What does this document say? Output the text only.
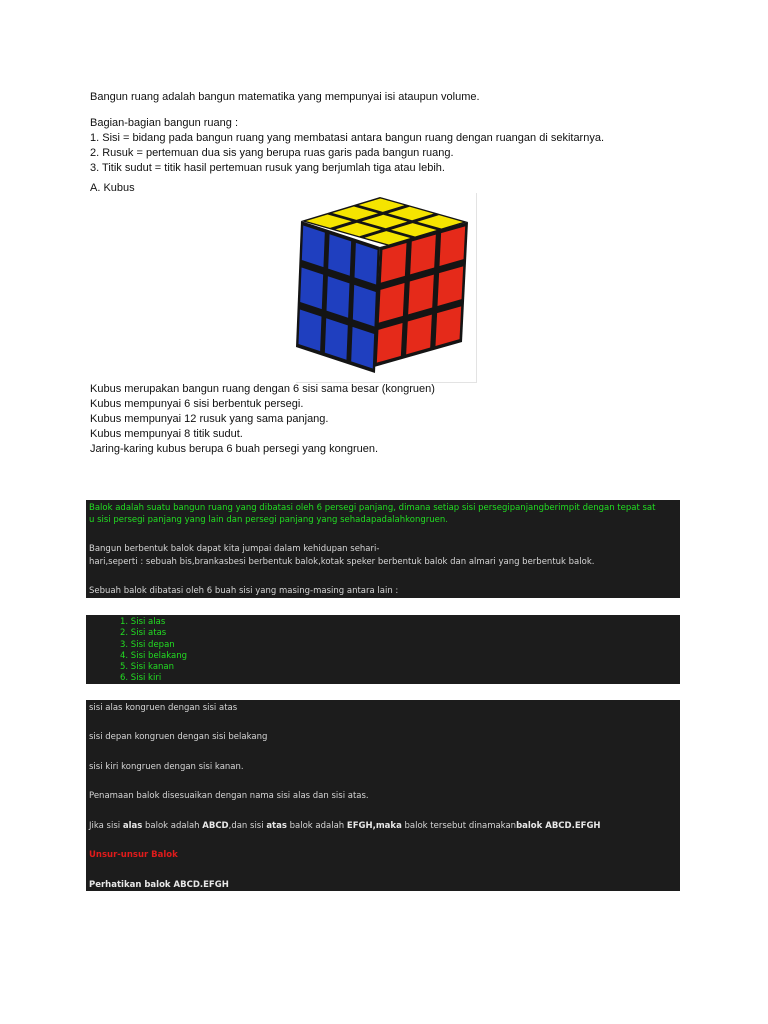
Bangun ruang adalah bangun matematika yang mempunyai isi ataupun volume.

Bagian-bagian bangun ruang :
1. Sisi = bidang pada bangun ruang yang membatasi antara bangun ruang dengan ruangan di sekitarnya.
2. Rusuk = pertemuan dua sis yang berupa ruas garis pada bangun ruang.
3. Titik sudut = titik hasil pertemuan rusuk yang berjumlah tiga atau lebih.

A. Kubus

Kubus merupakan bangun ruang dengan 6 sisi sama besar (kongruen)
Kubus mempunyai 6 sisi berbentuk persegi.
Kubus mempunyai 12 rusuk yang sama panjang.
Kubus mempunyai 8 titik sudut.
Jaring-karing kubus berupa 6 buah persegi yang kongruen.
Balok adalah suatu bangun ruang yang dibatasi oleh 6 persegi panjang, dimana setiap sisi persegipanjangberimpit dengan tepat sat
u sisi persegi panjang yang lain dan persegi panjang yang sehadapadalahkongruen.
Bangun berbentuk balok dapat kita jumpai dalam kehidupan sehari-
hari,seperti : sebuah bis,brankasbesi berbentuk balok,kotak speker berbentuk balok dan almari yang berbentuk balok.
Sebuah balok dibatasi oleh 6 buah sisi yang masing-masing antara lain :
1. Sisi alas
2. Sisi atas
3. Sisi depan
4. Sisi belakang
5. Sisi kanan
6. Sisi kiri
sisi alas kongruen dengan sisi atas
sisi depan kongruen dengan sisi belakang
sisi kiri kongruen dengan sisi kanan.
Penamaan balok disesuaikan dengan nama sisi alas dan sisi atas.
Jika sisi alas balok adalah ABCD,dan sisi atas balok adalah EFGH,maka balok tersebut dinamakanbalok ABCD.EFGH
Unsur-unsur Balok
Perhatikan balok ABCD.EFGH
